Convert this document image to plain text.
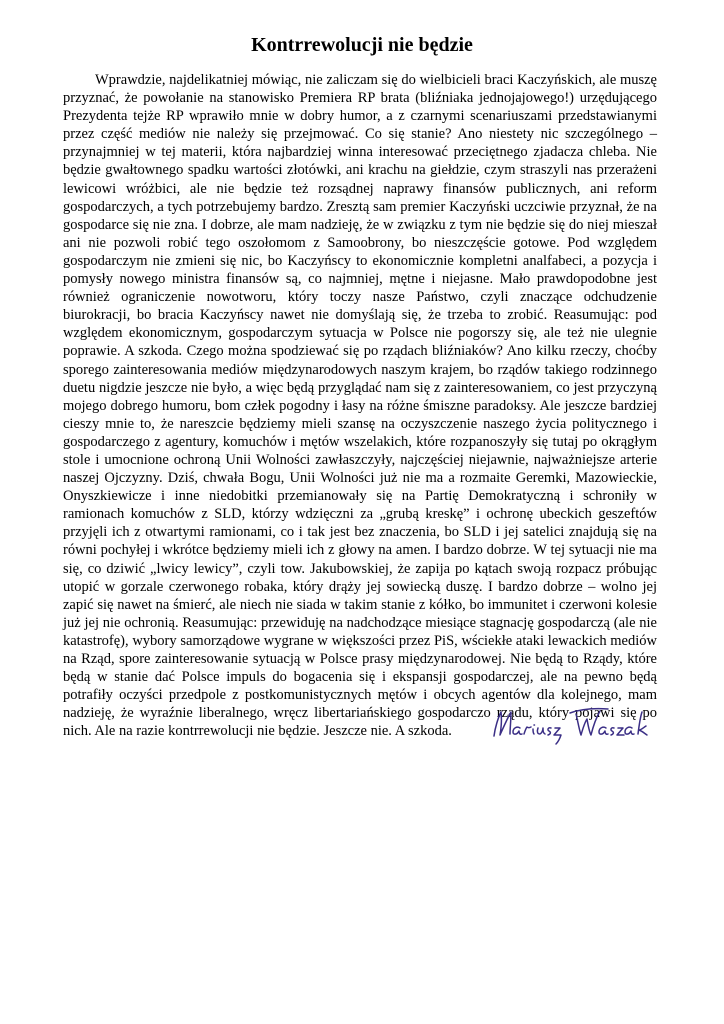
Kontrrewolucji nie będzie

Wprawdzie, najdelikatniej mówiąc, nie zaliczam się do wielbicieli braci Kaczyńskich, ale muszę przyznać, że powołanie na stanowisko Premiera RP brata (bliźniaka jednojajowego!) urzędującego Prezydenta tejże RP wprawiło mnie w dobry humor, a z czarnymi scenariuszami przedstawianymi przez część mediów nie należy się przejmować. Co się stanie? Ano niestety nic szczególnego – przynajmniej w tej materii, która najbardziej winna interesować przeciętnego zjadacza chleba. Nie będzie gwałtownego spadku wartości złotówki, ani krachu na giełdzie, czym straszyli nas przerażeni lewicowi wróżbici, ale nie będzie też rozsądnej naprawy finansów publicznych, ani reform gospodarczych, a tych potrzebujemy bardzo. Zresztą sam premier Kaczyński uczciwie przyznał, że na gospodarce się nie zna. I dobrze, ale mam nadzieję, że w związku z tym nie będzie się do niej mieszał ani nie pozwoli robić tego oszołomom z Samoobrony, bo nieszczęście gotowe. Pod względem gospodarczym nie zmieni się nic, bo Kaczyńscy to ekonomicznie kompletni analfabeci, a pozycja i pomysły nowego ministra finansów są, co najmniej, mętne i niejasne. Mało prawdopodobne jest również ograniczenie nowotworu, który toczy nasze Państwo, czyli znaczące odchudzenie biurokracji, bo bracia Kaczyńscy nawet nie domyślają się, że trzeba to zrobić. Reasumując: pod względem ekonomicznym, gospodarczym sytuacja w Polsce nie pogorszy się, ale też nie ulegnie poprawie. A szkoda. Czego można spodziewać się po rządach bliźniaków? Ano kilku rzeczy, choćby sporego zainteresowania mediów międzynarodowych naszym krajem, bo rządów takiego rodzinnego duetu nigdzie jeszcze nie było, a więc będą przyglądać nam się z zainteresowaniem, co jest przyczyną mojego dobrego humoru, bom człek pogodny i łasy na różne śmiszne paradoksy. Ale jeszcze bardziej cieszy mnie to, że nareszcie będziemy mieli szansę na oczyszczenie naszego życia politycznego i gospodarczego z agentury, komuchów i mętów wszelakich, które rozpanoszyły się tutaj po okrągłym stole i umocnione ochroną Unii Wolności zawłaszczyły, najczęściej niejawnie, najważniejsze arterie naszej Ojczyzny. Dziś, chwała Bogu, Unii Wolności już nie ma a rozmaite Geremki, Mazowieckie, Onyszkiewicze i inne niedobitki przemianowały się na Partię Demokratyczną i schroniły w ramionach komuchów z SLD, którzy wdzięczni za „grubą kreskę” i ochronę ubeckich geszeftów przyjęli ich z otwartymi ramionami, co i tak jest bez znaczenia, bo SLD i jej satelici znajdują się na równi pochyłej i wkrótce będziemy mieli ich z głowy na amen. I bardzo dobrze. W tej sytuacji nie ma się, co dziwić „lwicy lewicy”, czyli tow. Jakubowskiej, że zapija po kątach swoją rozpacz próbując utopić w gorzale czerwonego robaka, który drąży jej sowiecką duszę. I bardzo dobrze – wolno jej zapić się nawet na śmierć, ale niech nie siada w takim stanie z kółko, bo immunitet i czerwoni kolesie już jej nie ochronią. Reasumując: przewiduję na nadchodzące miesiące stagnację gospodarczą (ale nie katastrofę), wybory samorządowe wygrane w większości przez PiS, wściekłe ataki lewackich mediów na Rząd, spore zainteresowanie sytuacją w Polsce prasy międzynarodowej. Nie będą to Rządy, które będą w stanie dać Polsce impuls do bogacenia się i ekspansji gospodarczej, ale na pewno będą potrafiły oczyści przedpole z postkomunistycznych mętów i obcych agentów dla kolejnego, mam nadzieję, że wyraźnie liberalnego, wręcz libertariańskiego gospodarczo rządu, który pojawi się po nich. Ale na razie kontrrewolucji nie będzie. Jeszcze nie. A szkoda.
